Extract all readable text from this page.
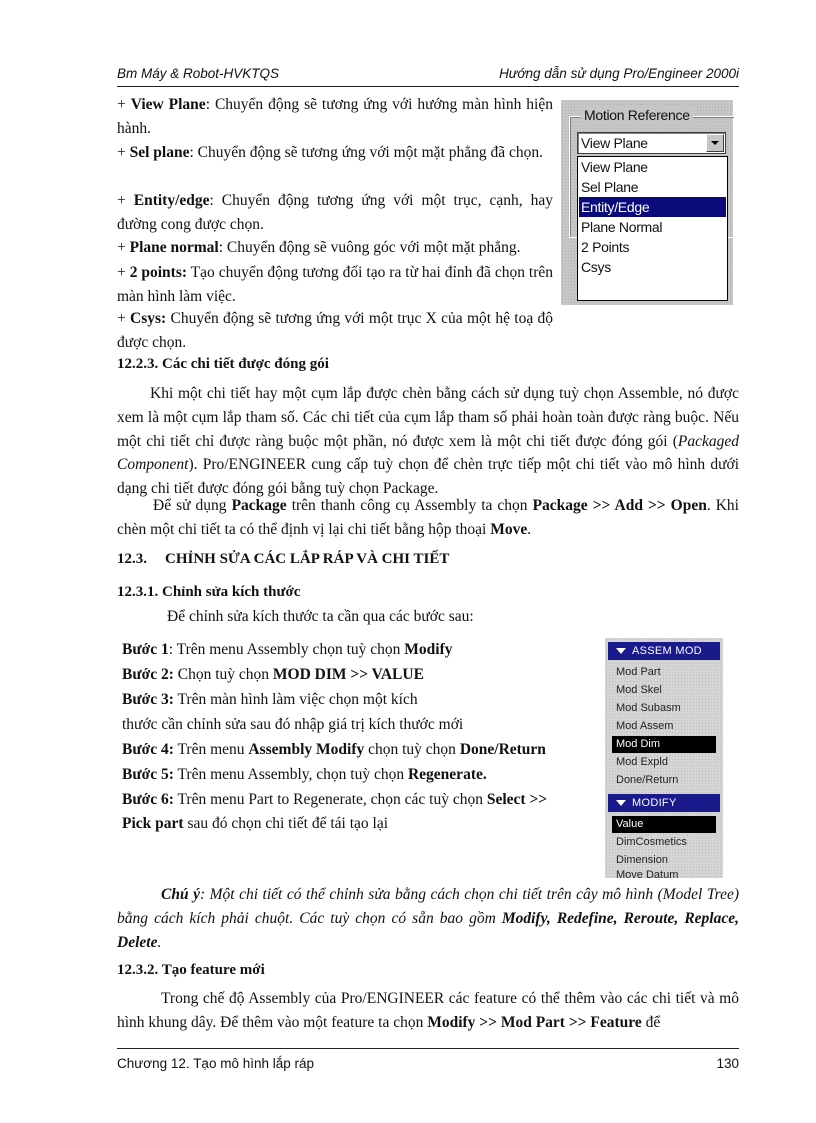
Bm Máy & Robot-HVKTQS	Hướng dẫn sử dụng Pro/Engineer 2000i
+ View Plane: Chuyển động sẽ tương ứng với hướng màn hình hiện hành.
+ Sel plane: Chuyển động sẽ tương ứng với một mặt phẳng đã chọn.
+ Entity/edge: Chuyển động tương ứng với một trục, cạnh, hay đường cong được chọn.
+ Plane normal: Chuyển động sẽ vuông góc với một mặt phẳng.
+ 2 points: Tạo chuyển động tương đối tạo ra từ hai đỉnh đã chọn trên màn hình làm việc.
+ Csys: Chuyển động sẽ tương ứng với một trục X của một hệ toạ độ được chọn.
Motion Reference
View Plane
View Plane
Sel Plane
Entity/Edge
Plane Normal
2 Points
Csys
12.2.3. Các chi tiết được đóng gói
Khi một chi tiết hay một cụm lắp được chèn bằng cách sử dụng tuỳ chọn Assemble, nó được xem là một cụm lắp tham số. Các chi tiết của cụm lắp tham số phải hoàn toàn được ràng buộc. Nếu một chi tiết chỉ được ràng buộc một phần, nó được xem là một chi tiết được đóng gói (Packaged Component). Pro/ENGINEER cung cấp tuỳ chọn để chèn trực tiếp một chi tiết vào mô hình dưới dạng chi tiết được đóng gói bằng tuỳ chọn Package.
Để sử dụng Package trên thanh công cụ Assembly ta chọn Package >> Add >> Open. Khi chèn một chi tiết ta có thể định vị lại chi tiết bằng hộp thoại Move.
12.3. CHỈNH SỬA CÁC LẮP RÁP VÀ CHI TIẾT
12.3.1. Chỉnh sửa kích thước
Để chỉnh sửa kích thước ta cần qua các bước sau:
Bước 1: Trên menu Assembly chọn tuỳ chọn Modify
Bước 2: Chọn tuỳ chọn MOD DIM >> VALUE
Bước 3: Trên màn hình làm việc chọn một kích
thước cần chỉnh sửa sau đó nhập giá trị kích thước mới
Bước 4: Trên menu Assembly Modify chọn tuỳ chọn Done/Return
Bước 5: Trên menu Assembly, chọn tuỳ chọn Regenerate.
Bước 6: Trên menu Part to Regenerate, chọn các tuỳ chọn Select >>
Pick part sau đó chọn chi tiết để tái tạo lại
ASSEM MOD
Mod Part
Mod Skel
Mod Subasm
Mod Assem
Mod Dim
Mod Expld
Done/Return
MODIFY
Value
DimCosmetics
Dimension
Move Datum
Chú ý: Một chi tiết có thể chỉnh sửa bằng cách chọn chi tiết trên cây mô hình (Model Tree) bằng cách kích phải chuột. Các tuỳ chọn có sẵn bao gồm Modify, Redefine, Reroute, Replace, Delete.
12.3.2. Tạo feature mới
Trong chế độ Assembly của Pro/ENGINEER các feature có thể thêm vào các chi tiết và mô hình khung dây. Để thêm vào một feature ta chọn Modify >> Mod Part >> Feature để
Chương 12. Tạo mô hình lắp ráp	130
